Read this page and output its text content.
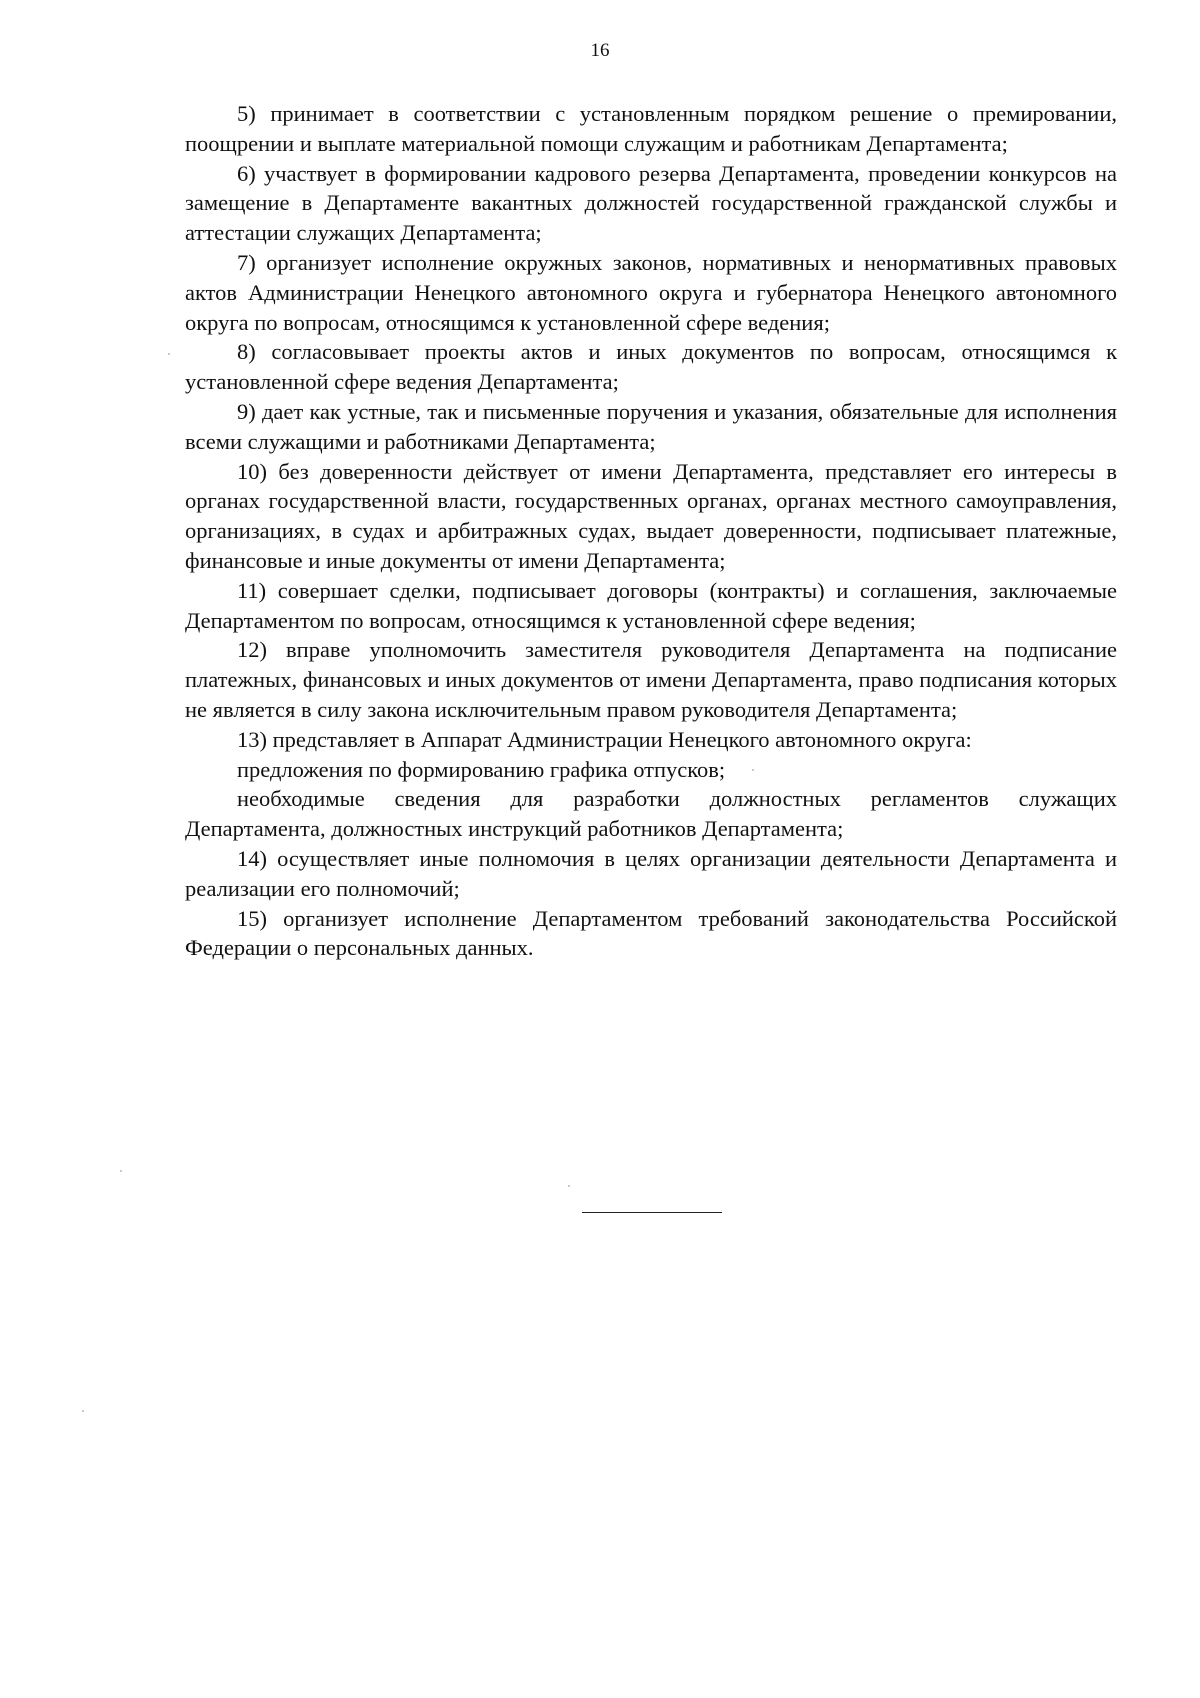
16

5) принимает в соответствии с установленным порядком решение о премировании, поощрении и выплате материальной помощи служащим и работникам Департамента;

6) участвует в формировании кадрового резерва Департамента, проведении конкурсов на замещение в Департаменте вакантных должностей государственной гражданской службы и аттестации служащих Департамента;

7) организует исполнение окружных законов, нормативных и ненормативных правовых актов Администрации Ненецкого автономного округа и губернатора Ненецкого автономного округа по вопросам, относящимся к установленной сфере ведения;

8) согласовывает проекты актов и иных документов по вопросам, относящимся к установленной сфере ведения Департамента;

9) дает как устные, так и письменные поручения и указания, обязательные для исполнения всеми служащими и работниками Департамента;

10) без доверенности действует от имени Департамента, представляет его интересы в органах государственной власти, государственных органах, органах местного самоуправления, организациях, в судах и арбитражных судах, выдает доверенности, подписывает платежные, финансовые и иные документы от имени Департамента;

11) совершает сделки, подписывает договоры (контракты) и соглашения, заключаемые Департаментом по вопросам, относящимся к установленной сфере ведения;

12) вправе уполномочить заместителя руководителя Департамента на подписание платежных, финансовых и иных документов от имени Департамента, право подписания которых не является в силу закона исключительным правом руководителя Департамента;

13) представляет в Аппарат Администрации Ненецкого автономного округа:

предложения по формированию графика отпусков;

необходимые сведения для разработки должностных регламентов служащих Департамента, должностных инструкций работников Департамента;

14) осуществляет иные полномочия в целях организации деятельности Департамента и реализации его полномочий;

15) организует исполнение Департаментом требований законодательства Российской Федерации о персональных данных.
